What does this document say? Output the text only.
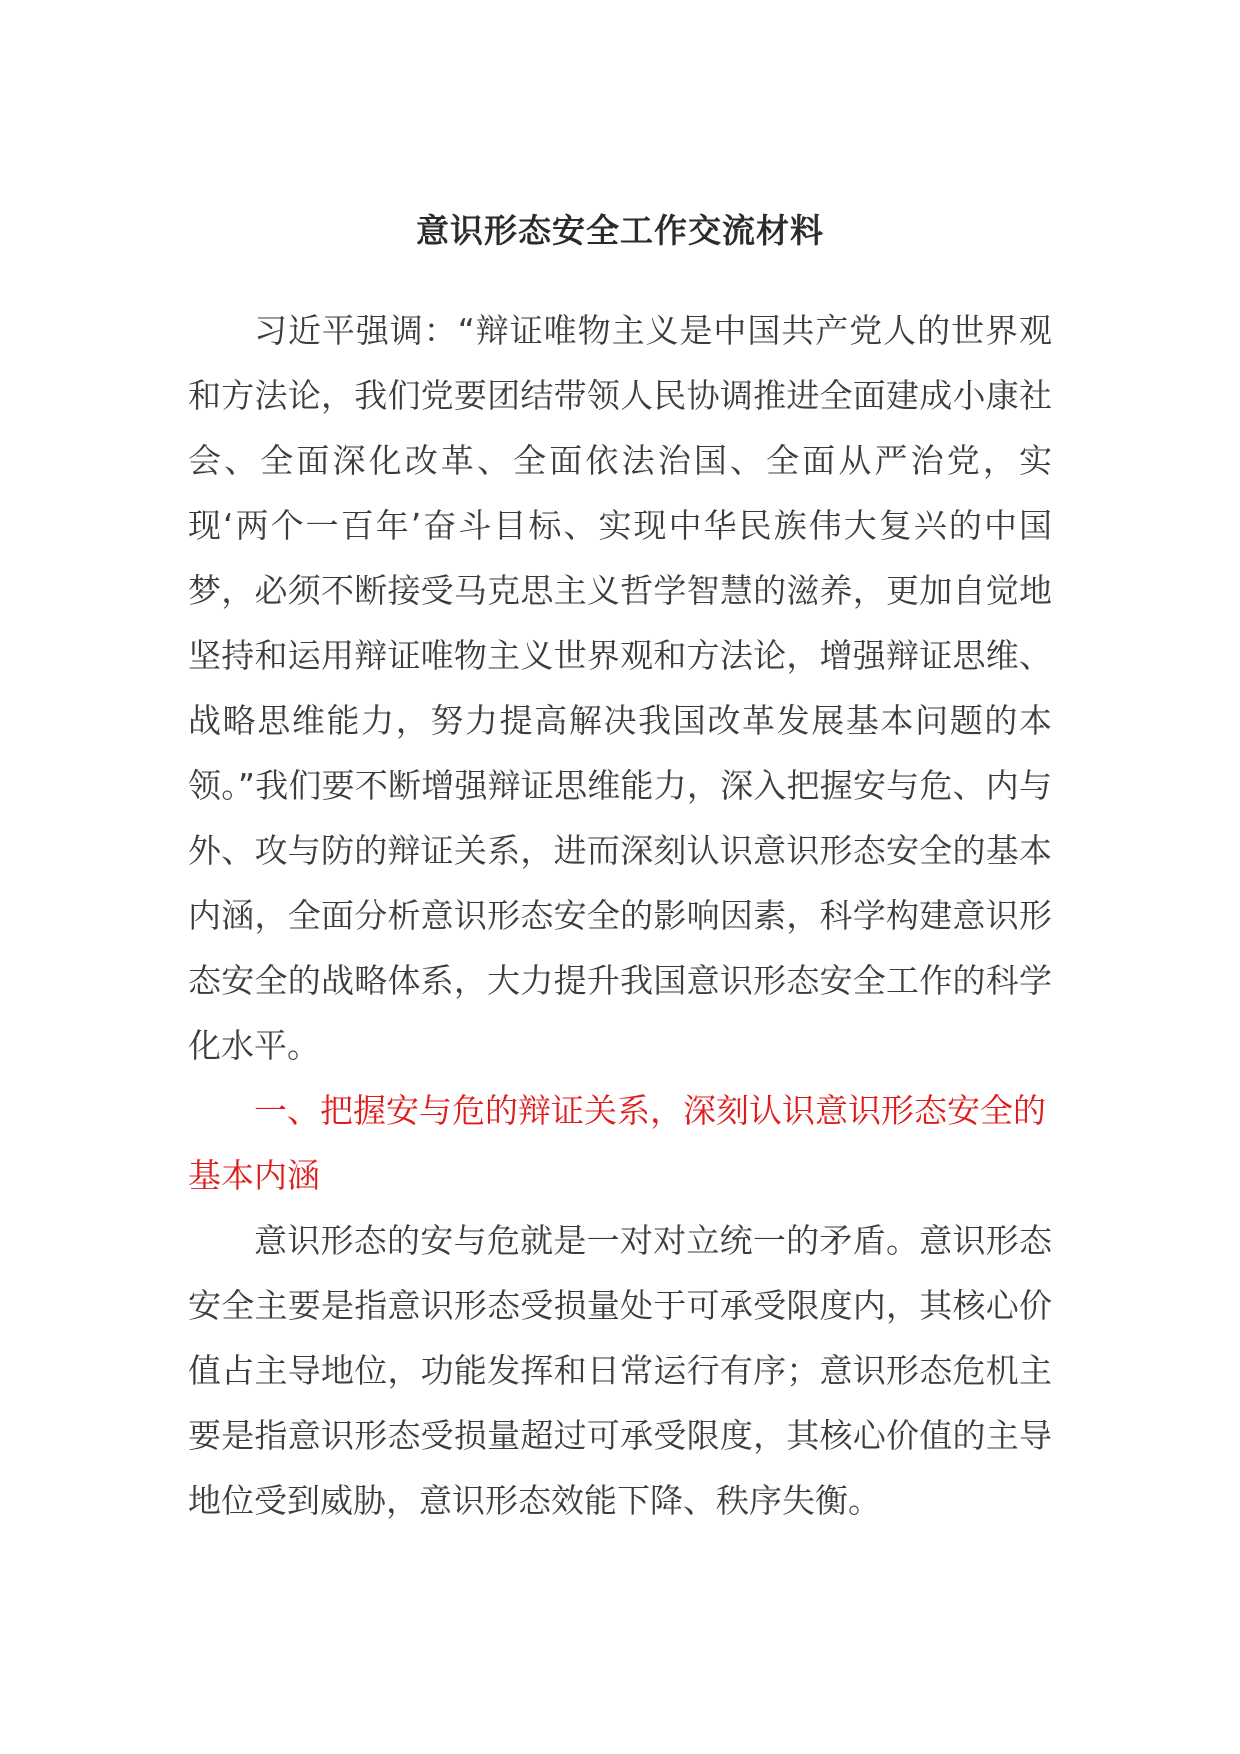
意识形态安全工作交流材料

习近平强调：“辩证唯物主义是中国共产党人的世界观和方法论，我们党要团结带领人民协调推进全面建成小康社会、全面深化改革、全面依法治国、全面从严治党，实现‘两个一百年’奋斗目标、实现中华民族伟大复兴的中国梦，必须不断接受马克思主义哲学智慧的滋养，更加自觉地坚持和运用辩证唯物主义世界观和方法论，增强辩证思维、战略思维能力，努力提高解决我国改革发展基本问题的本领。”我们要不断增强辩证思维能力，深入把握安与危、内与外、攻与防的辩证关系，进而深刻认识意识形态安全的基本内涵，全面分析意识形态安全的影响因素，科学构建意识形态安全的战略体系，大力提升我国意识形态安全工作的科学化水平。

一、把握安与危的辩证关系，深刻认识意识形态安全的基本内涵

意识形态的安与危就是一对对立统一的矛盾。意识形态安全主要是指意识形态受损量处于可承受限度内，其核心价值占主导地位，功能发挥和日常运行有序；意识形态危机主要是指意识形态受损量超过可承受限度，其核心价值的主导地位受到威胁，意识形态效能下降、秩序失衡。
